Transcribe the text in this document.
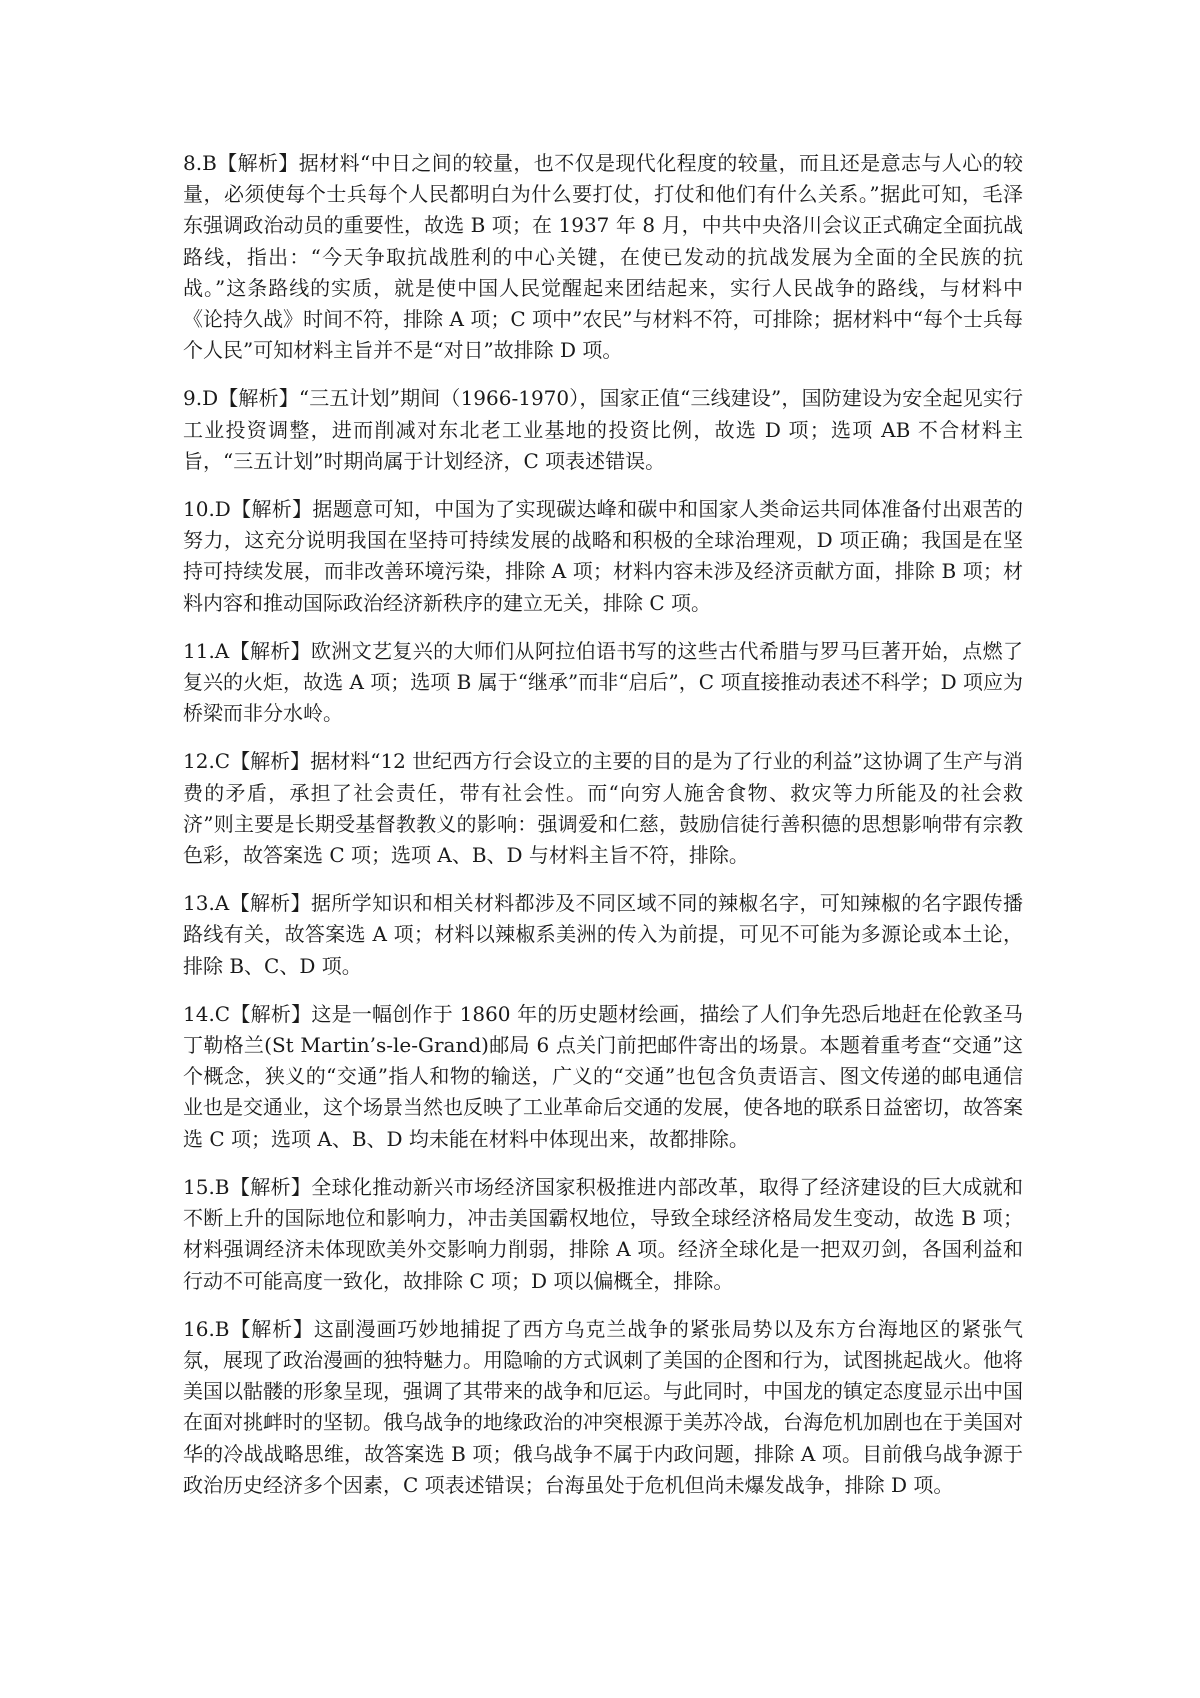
8.B【解析】据材料“中日之间的较量，也不仅是现代化程度的较量，而且还是意志与人心的较量，必须使每个士兵每个人民都明白为什么要打仗，打仗和他们有什么关系。”据此可知，毛泽东强调政治动员的重要性，故选 B 项；在 1937 年 8 月，中共中央洛川会议正式确定全面抗战路线，指出：“今天争取抗战胜利的中心关键，在使已发动的抗战发展为全面的全民族的抗战。”这条路线的实质，就是使中国人民觉醒起来团结起来，实行人民战争的路线，与材料中《论持久战》时间不符，排除 A 项；C 项中”农民”与材料不符，可排除；据材料中“每个士兵每个人民”可知材料主旨并不是“对日”故排除 D 项。

9.D【解析】“三五计划”期间（1966-1970），国家正值“三线建设”，国防建设为安全起见实行工业投资调整，进而削减对东北老工业基地的投资比例，故选 D 项；选项 AB 不合材料主旨，“三五计划”时期尚属于计划经济，C 项表述错误。

10.D【解析】据题意可知，中国为了实现碳达峰和碳中和国家人类命运共同体准备付出艰苦的努力，这充分说明我国在坚持可持续发展的战略和积极的全球治理观，D 项正确；我国是在坚持可持续发展，而非改善环境污染，排除 A 项；材料内容未涉及经济贡献方面，排除 B 项；材料内容和推动国际政治经济新秩序的建立无关，排除 C 项。

11.A【解析】欧洲文艺复兴的大师们从阿拉伯语书写的这些古代希腊与罗马巨著开始，点燃了复兴的火炬，故选 A 项；选项 B 属于“继承”而非“启后”，C 项直接推动表述不科学；D 项应为桥梁而非分水岭。

12.C【解析】据材料“12 世纪西方行会设立的主要的目的是为了行业的利益”这协调了生产与消费的矛盾，承担了社会责任，带有社会性。而“向穷人施舍食物、救灾等力所能及的社会救济”则主要是长期受基督教教义的影响：强调爱和仁慈，鼓励信徒行善积德的思想影响带有宗教色彩，故答案选 C 项；选项 A、B、D 与材料主旨不符，排除。

13.A【解析】据所学知识和相关材料都涉及不同区域不同的辣椒名字，可知辣椒的名字跟传播路线有关，故答案选 A 项；材料以辣椒系美洲的传入为前提，可见不可能为多源论或本土论，排除 B、C、D 项。

14.C【解析】这是一幅创作于 1860 年的历史题材绘画，描绘了人们争先恐后地赶在伦敦圣马丁勒格兰(St Martin’s-le-Grand)邮局 6 点关门前把邮件寄出的场景。本题着重考查“交通”这个概念，狭义的“交通”指人和物的输送，广义的“交通”也包含负责语言、图文传递的邮电通信业也是交通业，这个场景当然也反映了工业革命后交通的发展，使各地的联系日益密切，故答案选 C 项；选项 A、B、D 均未能在材料中体现出来，故都排除。

15.B【解析】全球化推动新兴市场经济国家积极推进内部改革，取得了经济建设的巨大成就和不断上升的国际地位和影响力，冲击美国霸权地位，导致全球经济格局发生变动，故选 B 项；材料强调经济未体现欧美外交影响力削弱，排除 A 项。经济全球化是一把双刃剑，各国利益和行动不可能高度一致化，故排除 C 项；D 项以偏概全，排除。

16.B【解析】这副漫画巧妙地捕捉了西方乌克兰战争的紧张局势以及东方台海地区的紧张气氛，展现了政治漫画的独特魅力。用隐喻的方式讽刺了美国的企图和行为，试图挑起战火。他将美国以骷髅的形象呈现，强调了其带来的战争和厄运。与此同时，中国龙的镇定态度显示出中国在面对挑衅时的坚韧。俄乌战争的地缘政治的冲突根源于美苏冷战，台海危机加剧也在于美国对华的冷战战略思维，故答案选 B 项；俄乌战争不属于内政问题，排除 A 项。目前俄乌战争源于政治历史经济多个因素，C 项表述错误；台海虽处于危机但尚未爆发战争，排除 D 项。
